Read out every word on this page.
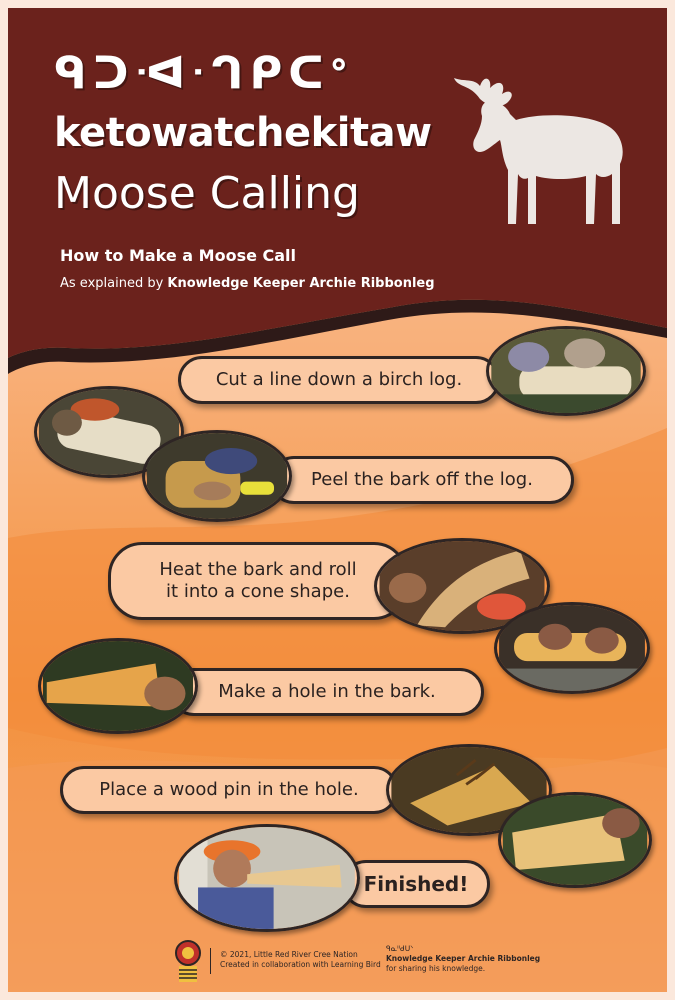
ᑫᑐᐗᐧᒉᑭᑕᐤ
ketowatchekitaw
Moose Calling
How to Make a Moose Call
As explained by Knowledge Keeper Archie Ribbonleg
Cut a line down a birch log.
Peel the bark off the log.
Heat the bark and roll
it into a cone shape.
Make a hole in the bark.
Place a wood pin in the hole.
Finished!
© 2021, Little Red River Cree Nation
Created in collaboration with Learning Bird
ᑫᓇᐦᑯᑌᐠ
Knowledge Keeper Archie Ribbonleg
for sharing his knowledge.
